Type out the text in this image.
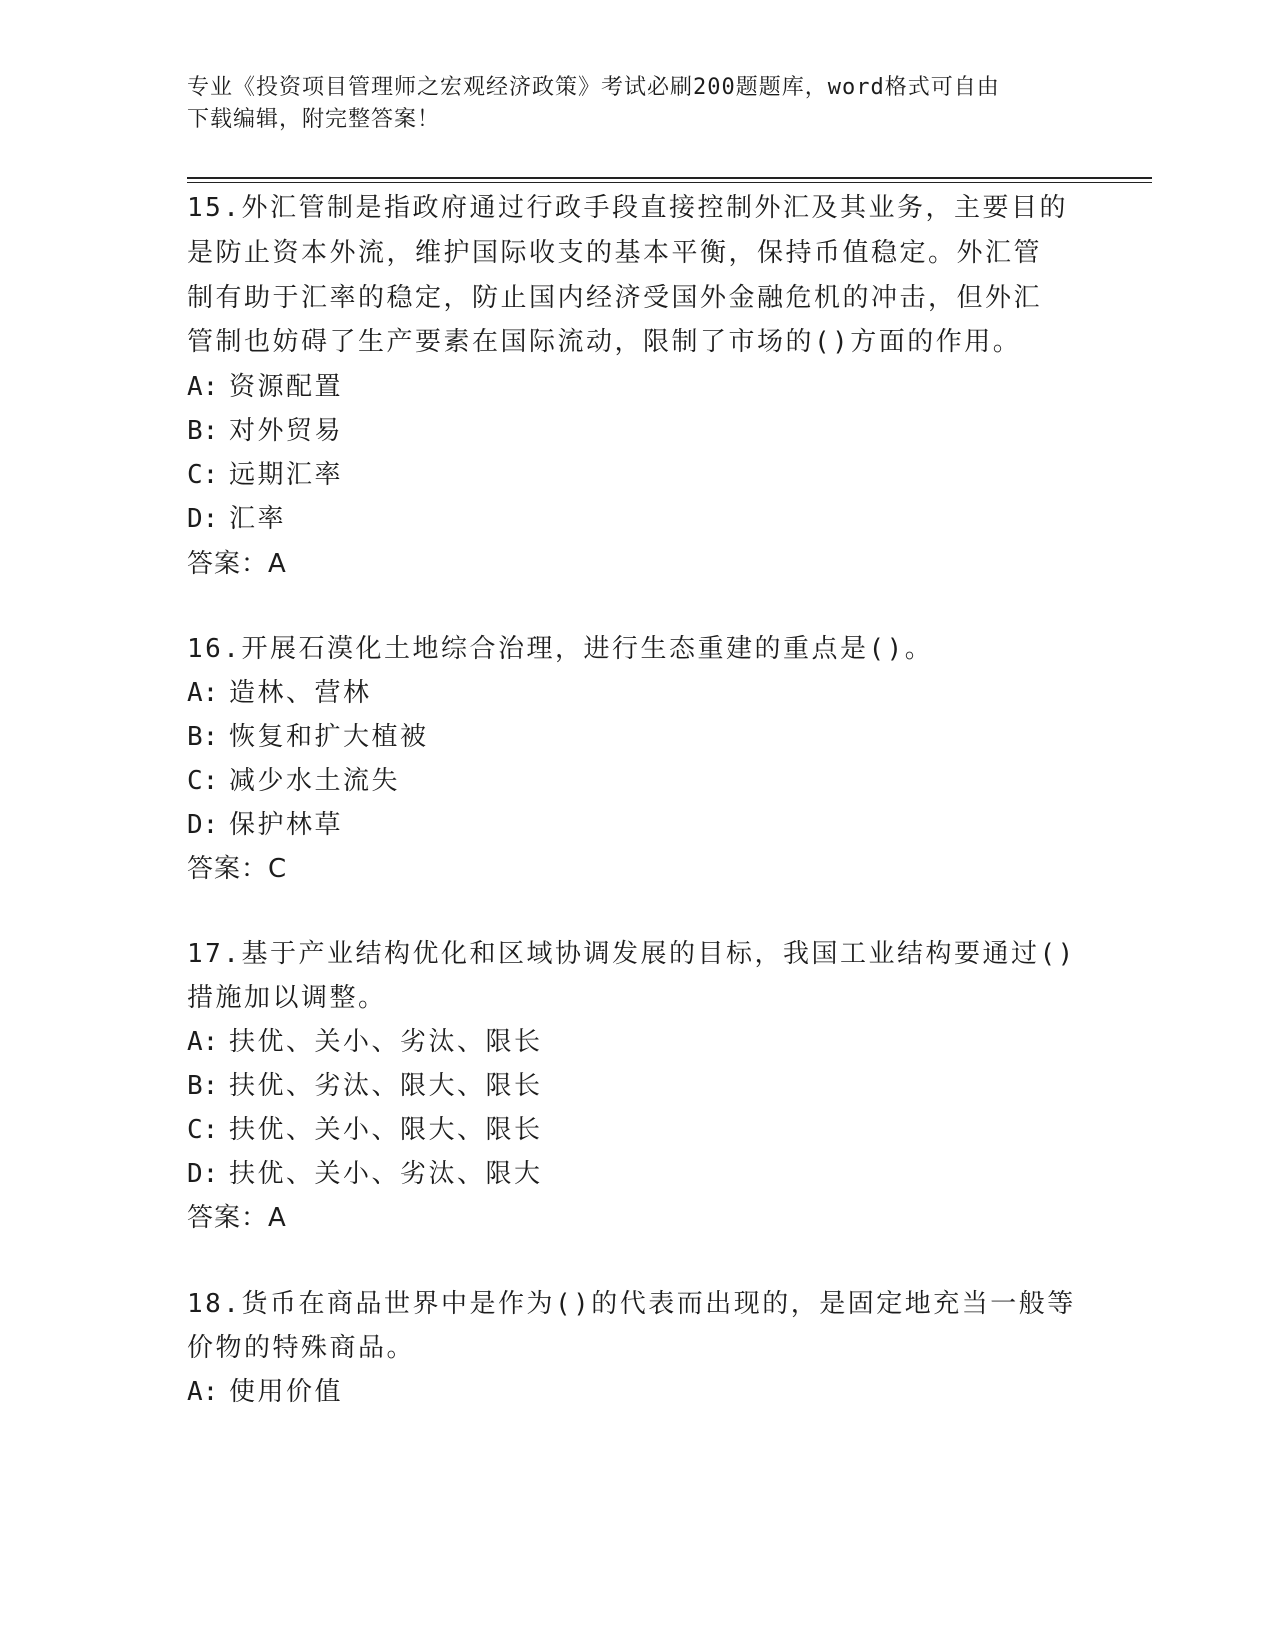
专业《投资项目管理师之宏观经济政策》考试必刷200题题库，word格式可自由
下载编辑，附完整答案！
15.外汇管制是指政府通过行政手段直接控制外汇及其业务，主要目的
是防止资本外流，维护国际收支的基本平衡，保持币值稳定。外汇管
制有助于汇率的稳定，防止国内经济受国外金融危机的冲击，但外汇
管制也妨碍了生产要素在国际流动，限制了市场的()方面的作用。
A: 资源配置
B: 对外贸易
C: 远期汇率
D: 汇率
答案：A
16.开展石漠化土地综合治理，进行生态重建的重点是()。
A: 造林、营林
B: 恢复和扩大植被
C: 减少水土流失
D: 保护林草
答案：C
17.基于产业结构优化和区域协调发展的目标，我国工业结构要通过()
措施加以调整。
A: 扶优、关小、劣汰、限长
B: 扶优、劣汰、限大、限长
C: 扶优、关小、限大、限长
D: 扶优、关小、劣汰、限大
答案：A
18.货币在商品世界中是作为()的代表而出现的，是固定地充当一般等
价物的特殊商品。
A: 使用价值
